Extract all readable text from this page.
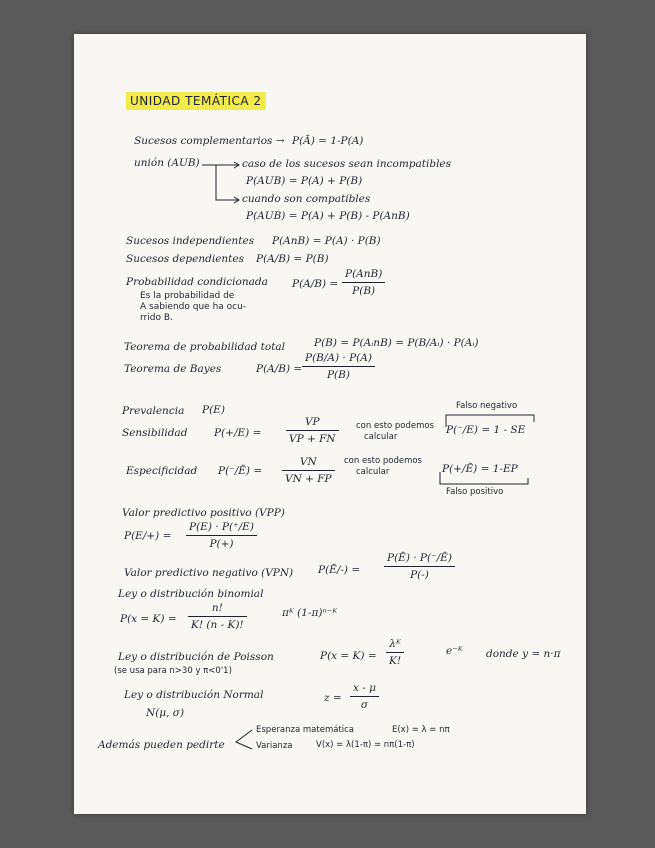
UNIDAD TEMÁTICA 2
Sucesos complementarios → P(Ā) = 1-P(A)
unión (AUB)	caso de los sucesos sean incompatibles
P(AUB) = P(A) + P(B)
cuando son compatibles
P(AUB) = P(A) + P(B) - P(AnB)
Sucesos independientes P(AnB) = P(A) · P(B)
Sucesos dependientes P(A/B) = P(B)
Probabilidad condicionada
Es la probabilidad de
A sabiendo que ha ocu-
rrido B.
P(A/B) =
P(AnB)
P(B)
Teorema de probabilidad total	P(B) = P(AᵢnB) = P(B/Aᵢ) · P(Aᵢ)
Teorema de Bayes	P(A/B) =
P(B/A) · P(A)
P(B)
Prevalencia P(E)
Sensibilidad	P(+/E) =
VP
VP + FN
con esto podemos
calcular
Falso negativo
P(⁻/E) = 1 - SE
Especificidad P(⁻/Ē) =
VN
VN + FP
con esto podemos
calcular	P(+/Ē) = 1-EP
Falso positivo
Valor predictivo positivo (VPP)
P(E/+) =
P(E) · P(⁺/E)
P(+)
Valor predictivo negativo (VPN) P(Ē/-) =
P(Ē) · P(⁻/Ē)
P(-)
Ley o distribución binomial
P(x = K) =
n!
K! (n - K)!
πᴷ (1-π)ⁿ⁻ᴷ
Ley o distribución de Poisson
(se usa para n>30 y π<0'1)
P(x = K) =
λᴷ
K!
e⁻ᴷ donde y = n·π
Ley o distribución Normal
N(μ, σ)
z =
x - μ
σ
Además pueden pedirte
Esperanza matemática	E(x) = λ = nπ
Varianza	V(x) = λ(1-π) = nπ(1-π)
